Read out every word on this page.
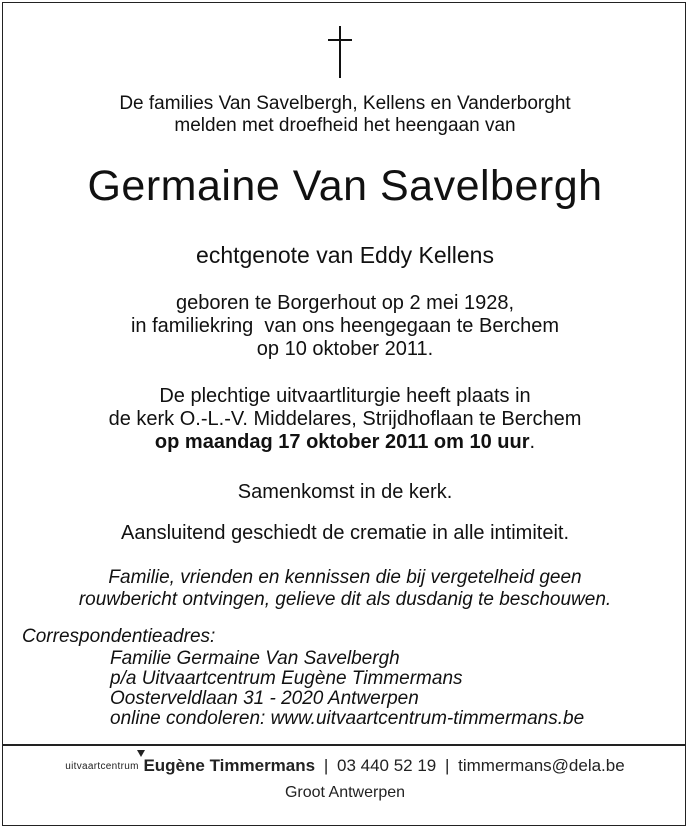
De families Van Savelbergh, Kellens en Vanderborght
melden met droefheid het heengaan van
Germaine Van Savelbergh
echtgenote van Eddy Kellens
geboren te Borgerhout op 2 mei 1928,
in familiekring  van ons heengegaan te Berchem
op 10 oktober 2011.
De plechtige uitvaartliturgie heeft plaats in
de kerk O.-L.-V. Middelares, Strijdhoflaan te Berchem
op maandag 17 oktober 2011 om 10 uur.
Samenkomst in de kerk.
Aansluitend geschiedt de crematie in alle intimiteit.
Familie, vrienden en kennissen die bij vergetelheid geen
rouwbericht ontvingen, gelieve dit als dusdanig te beschouwen.
Correspondentieadres:
Familie Germaine Van Savelbergh
p/a Uitvaartcentrum Eugène Timmermans
Oosterveldlaan 31 - 2020 Antwerpen
online condoleren: www.uitvaartcentrum-timmermans.be
uitvaartcentrum Eugène Timmermans | 03 440 52 19 | timmermans@dela.be
Groot Antwerpen
